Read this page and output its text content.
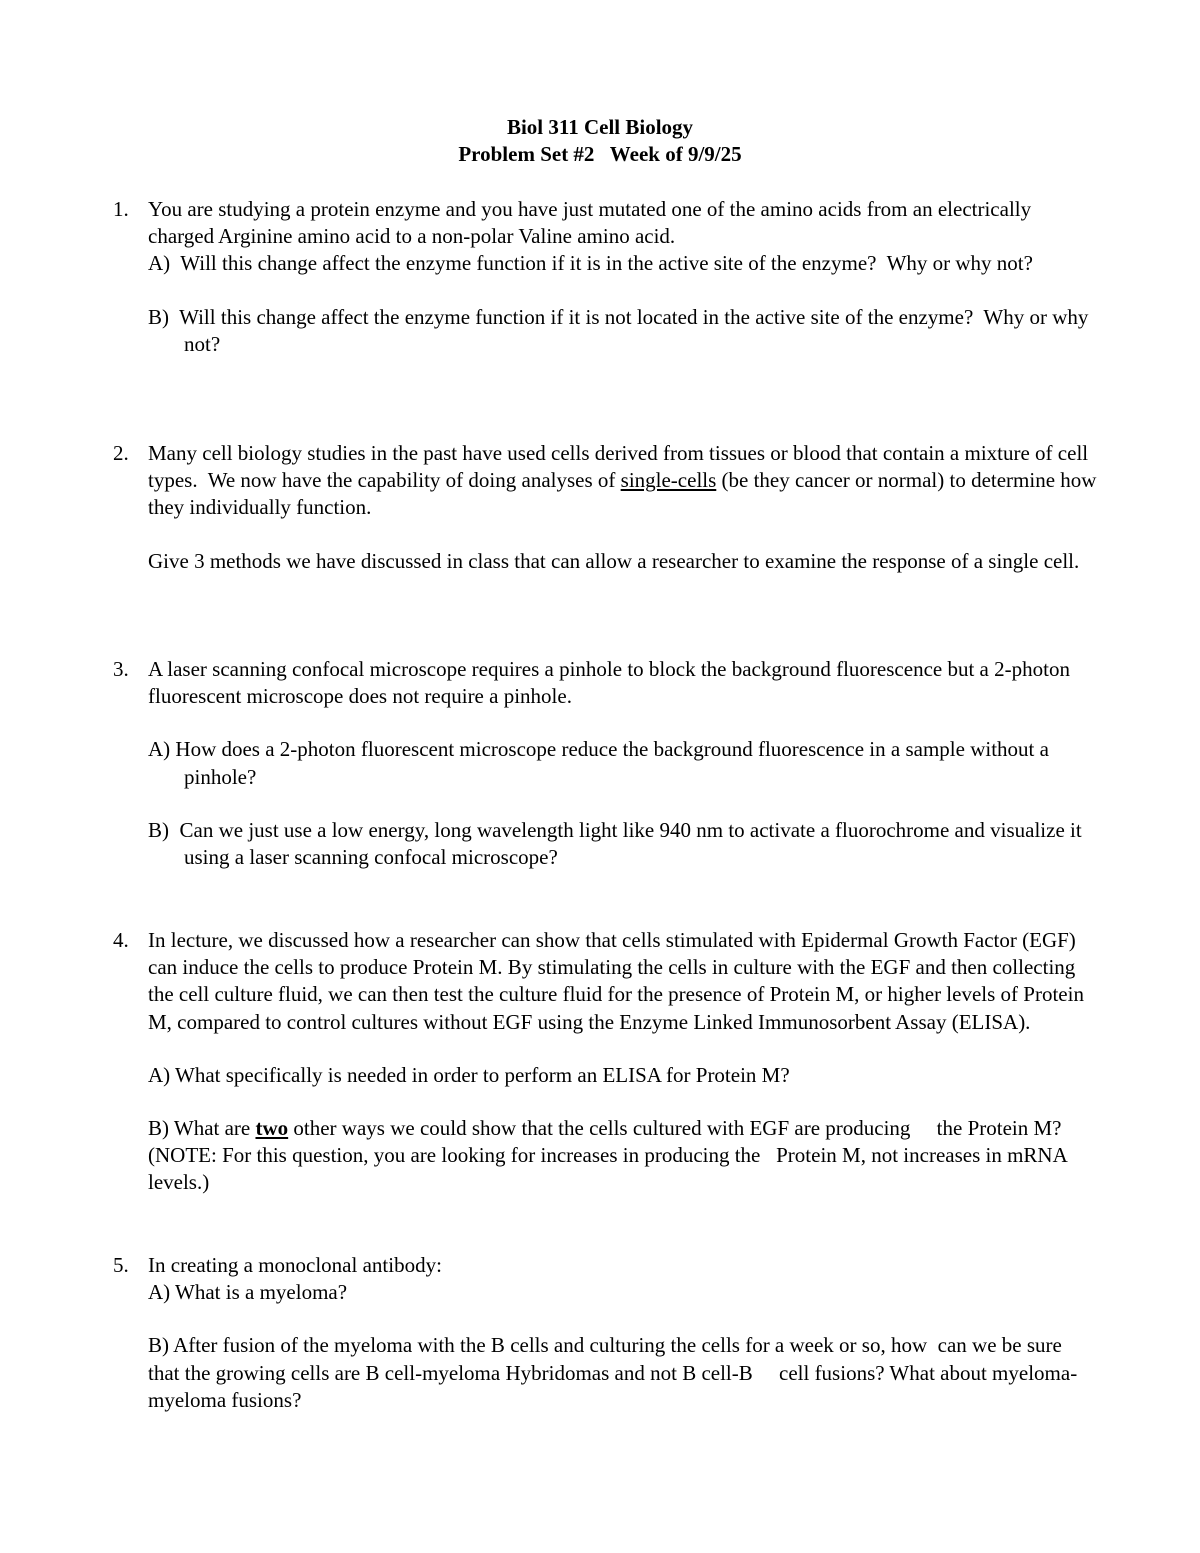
Biol 311 Cell Biology
Problem Set #2   Week of 9/9/25
1. You are studying a protein enzyme and you have just mutated one of the amino acids from an electrically charged Arginine amino acid to a non-polar Valine amino acid.

A)  Will this change affect the enzyme function if it is in the active site of the enzyme?  Why or why not?

B)  Will this change affect the enzyme function if it is not located in the active site of the enzyme?  Why or why not?

2. Many cell biology studies in the past have used cells derived from tissues or blood that contain a mixture of cell types.  We now have the capability of doing analyses of single-cells (be they cancer or normal) to determine how they individually function.

Give 3 methods we have discussed in class that can allow a researcher to examine the response of a single cell.

3. A laser scanning confocal microscope requires a pinhole to block the background fluorescence but a 2-photon fluorescent microscope does not require a pinhole.

A) How does a 2-photon fluorescent microscope reduce the background fluorescence in a sample without a pinhole?

B)  Can we just use a low energy, long wavelength light like 940 nm to activate a fluorochrome and visualize it using a laser scanning confocal microscope?

4. In lecture, we discussed how a researcher can show that cells stimulated with Epidermal Growth Factor (EGF) can induce the cells to produce Protein M. By stimulating the cells in culture with the EGF and then collecting the cell culture fluid, we can then test the culture fluid for the presence of Protein M, or higher levels of Protein M, compared to control cultures without EGF using the Enzyme Linked Immunosorbent Assay (ELISA).

A) What specifically is needed in order to perform an ELISA for Protein M?

B) What are two other ways we could show that the cells cultured with EGF are producing     the Protein M? (NOTE: For this question, you are looking for increases in producing the   Protein M, not increases in mRNA levels.)

5. In creating a monoclonal antibody:

A) What is a myeloma?

B) After fusion of the myeloma with the B cells and culturing the cells for a week or so, how  can we be sure that the growing cells are B cell-myeloma Hybridomas and not B cell-B     cell fusions? What about myeloma-myeloma fusions?
